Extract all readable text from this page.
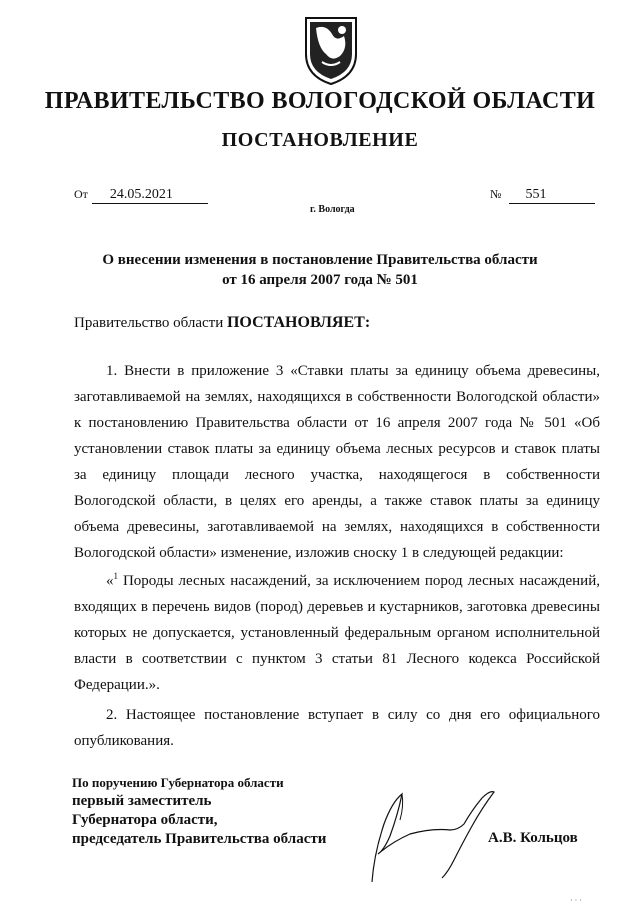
ПРАВИТЕЛЬСТВО ВОЛОГОДСКОЙ ОБЛАСТИ
ПОСТАНОВЛЕНИЕ
От 24.05.2021	№ 551
г. Вологда
О внесении изменения в постановление Правительства области
от 16 апреля 2007 года № 501
Правительство области ПОСТАНОВЛЯЕТ:
1. Внести в приложение 3 «Ставки платы за единицу объема древесины, заготавливаемой на землях, находящихся в собственности Вологодской области» к постановлению Правительства области от 16 апреля 2007 года № 501 «Об установлении ставок платы за единицу объема лесных ресурсов и ставок платы за единицу площади лесного участка, находящегося в собственности Вологодской области, в целях его аренды, а также ставок платы за единицу объема древесины, заготавливаемой на землях, находящихся в собственности Вологодской области» изменение, изложив сноску 1 в следующей редакции:
«$^1$ Породы лесных насаждений, за исключением пород лесных насаждений, входящих в перечень видов (пород) деревьев и кустарников, заготовка древесины которых не допускается, установленный федеральным органом исполнительной власти в соответствии с пунктом 3 статьи 81 Лесного кодекса Российской Федерации.».
2. Настоящее постановление вступает в силу со дня его официального опубликования.
По поручению Губернатора области
первый заместитель
Губернатора области,
председатель Правительства области	А.В. Кольцов
· · ·
